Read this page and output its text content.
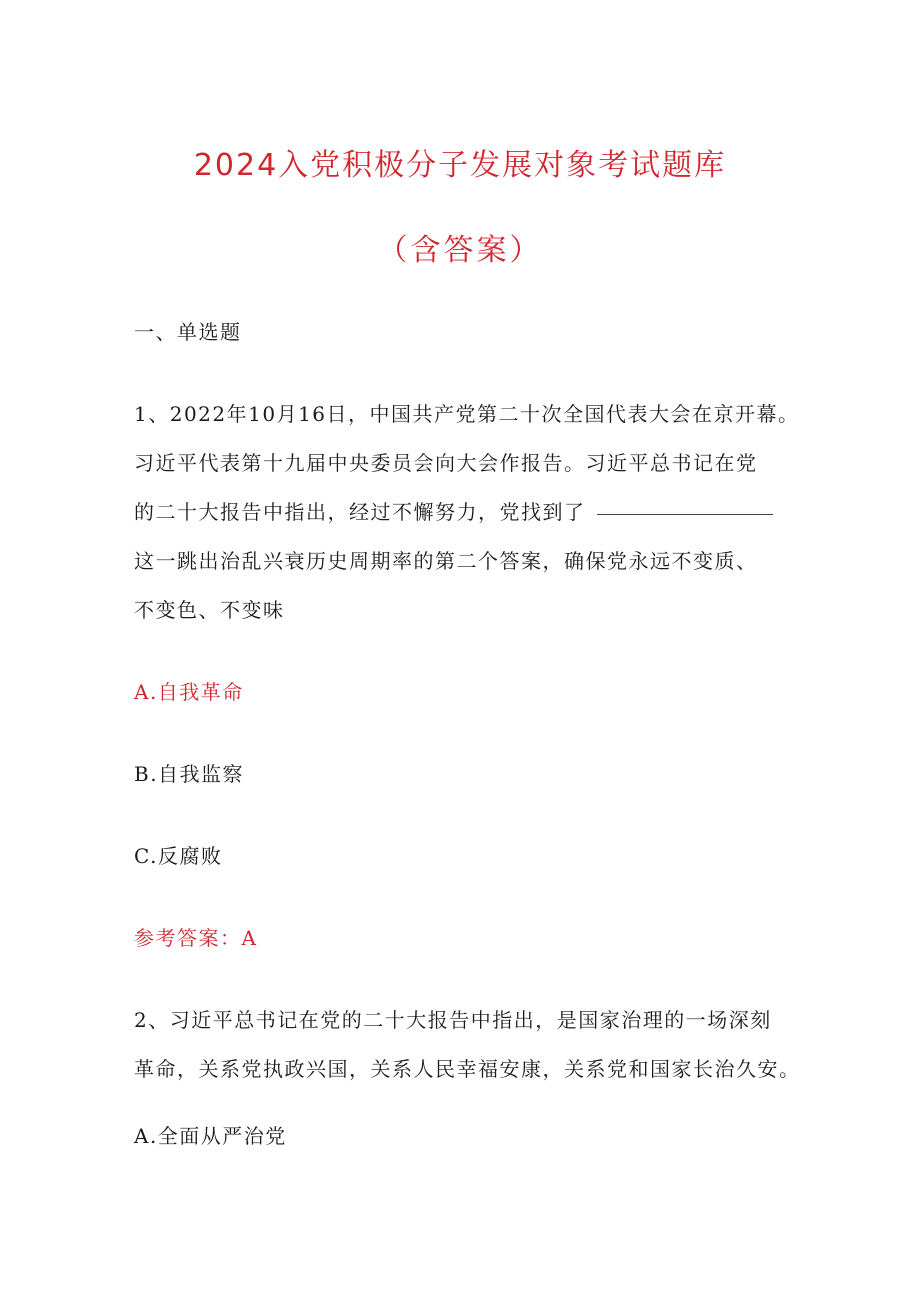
2024入党积极分子发展对象考试题库
（含答案）
一、单选题
1、2022年10月16日，中国共产党第二十次全国代表大会在京开幕。
习近平代表第十九届中央委员会向大会作报告。习近平总书记在党
的二十大报告中指出，经过不懈努力，党找到了
这一跳出治乱兴衰历史周期率的第二个答案，确保党永远不变质、
不变色、不变味
A.自我革命
B.自我监察
C.反腐败
参考答案：A
2、习近平总书记在党的二十大报告中指出，是国家治理的一场深刻
革命，关系党执政兴国，关系人民幸福安康，关系党和国家长治久安。
A.全面从严治党
